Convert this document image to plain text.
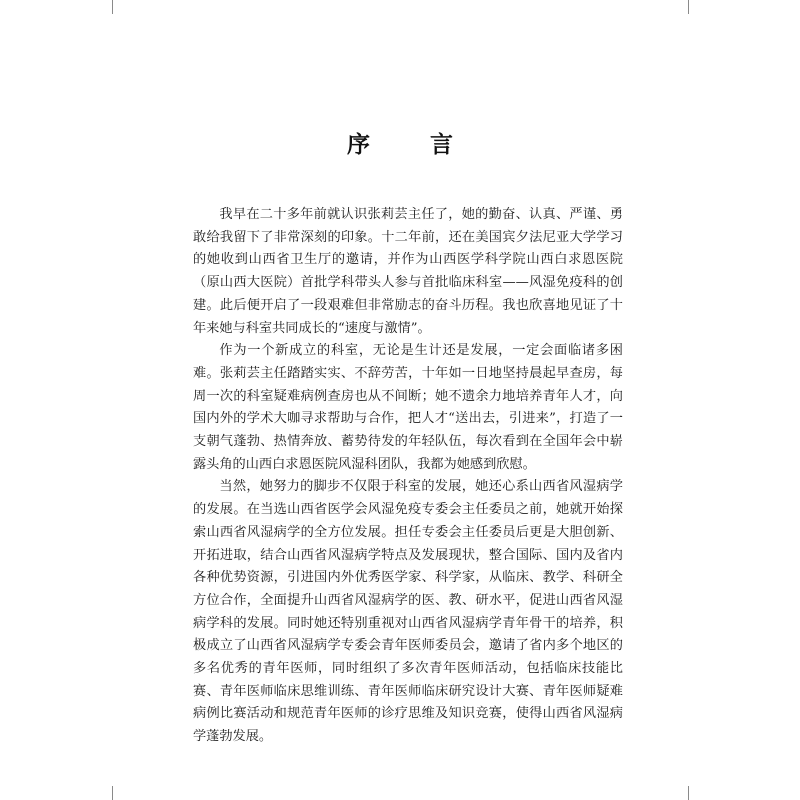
序 言

我早在二十多年前就认识张莉芸主任了，她的勤奋、认真、严谨、勇敢给我留下了非常深刻的印象。十二年前，还在美国宾夕法尼亚大学学习的她收到山西省卫生厅的邀请，并作为山西医学科学院山西白求恩医院（原山西大医院）首批学科带头人参与首批临床科室——风湿免疫科的创建。此后便开启了一段艰难但非常励志的奋斗历程。我也欣喜地见证了十年来她与科室共同成长的“速度与激情”。

作为一个新成立的科室，无论是生计还是发展，一定会面临诸多困难。张莉芸主任踏踏实实、不辞劳苦，十年如一日地坚持晨起早查房，每周一次的科室疑难病例查房也从不间断；她不遗余力地培养青年人才，向国内外的学术大咖寻求帮助与合作，把人才“送出去，引进来”，打造了一支朝气蓬勃、热情奔放、蓄势待发的年轻队伍，每次看到在全国年会中崭露头角的山西白求恩医院风湿科团队，我都为她感到欣慰。

当然，她努力的脚步不仅限于科室的发展，她还心系山西省风湿病学的发展。在当选山西省医学会风湿免疫专委会主任委员之前，她就开始探索山西省风湿病学的全方位发展。担任专委会主任委员后更是大胆创新、开拓进取，结合山西省风湿病学特点及发展现状，整合国际、国内及省内各种优势资源，引进国内外优秀医学家、科学家，从临床、教学、科研全方位合作，全面提升山西省风湿病学的医、教、研水平，促进山西省风湿病学科的发展。同时她还特别重视对山西省风湿病学青年骨干的培养，积极成立了山西省风湿病学专委会青年医师委员会，邀请了省内多个地区的多名优秀的青年医师，同时组织了多次青年医师活动，包括临床技能比赛、青年医师临床思维训练、青年医师临床研究设计大赛、青年医师疑难病例比赛活动和规范青年医师的诊疗思维及知识竞赛，使得山西省风湿病学蓬勃发展。
